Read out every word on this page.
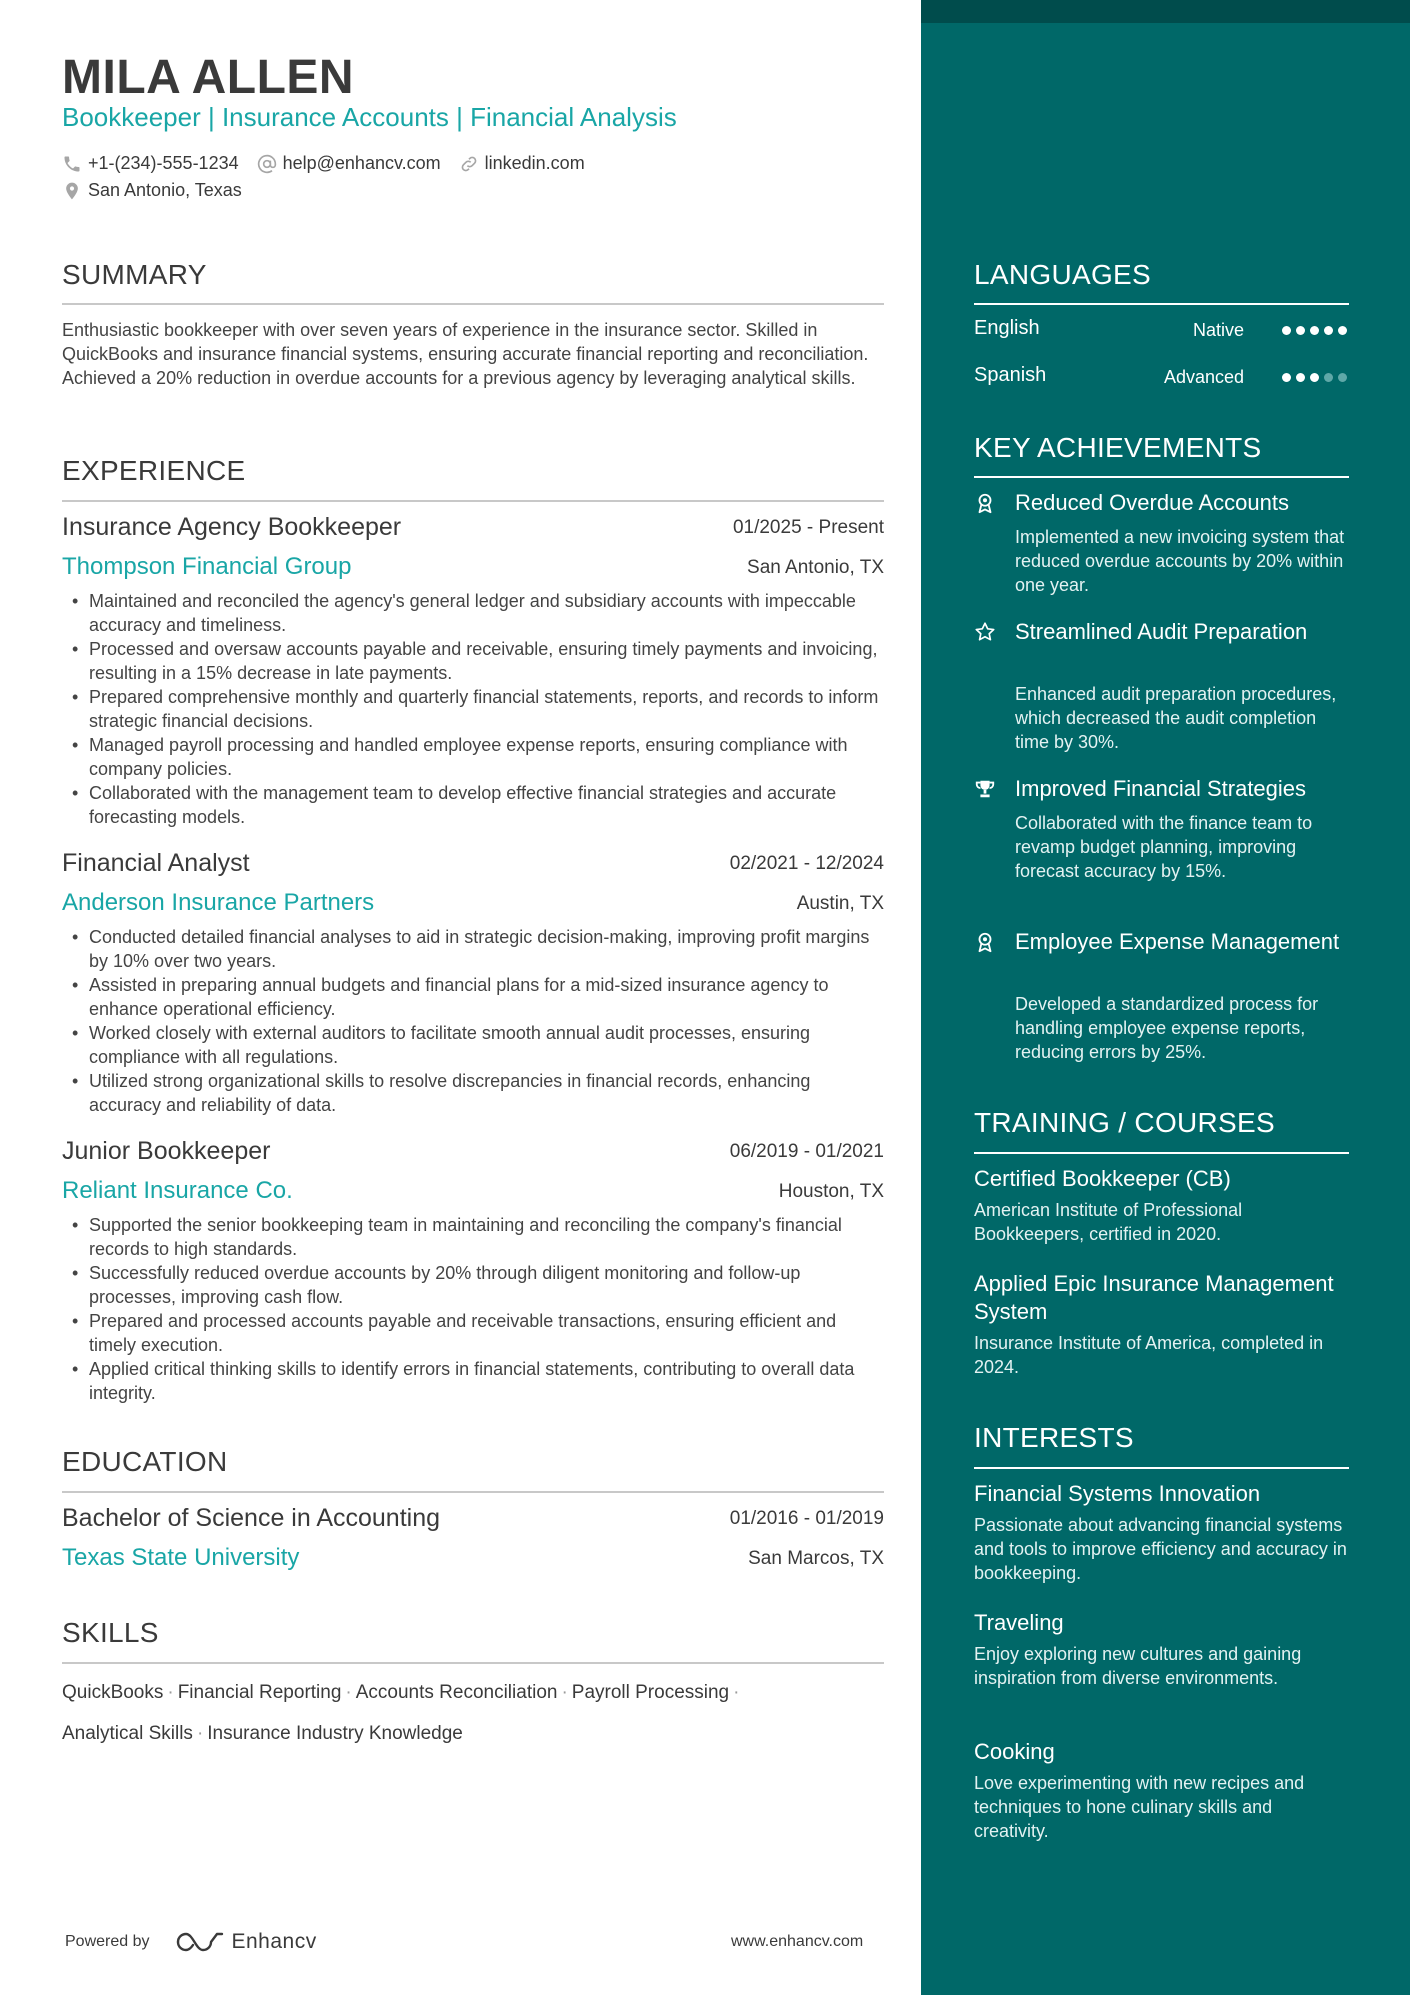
MILA ALLEN
Bookkeeper | Insurance Accounts | Financial Analysis
+1-(234)-555-1234 help@enhancv.com linkedin.com
San Antonio, Texas
SUMMARY
Enthusiastic bookkeeper with over seven years of experience in the insurance sector. Skilled in QuickBooks and insurance financial systems, ensuring accurate financial reporting and reconciliation. Achieved a 20% reduction in overdue accounts for a previous agency by leveraging analytical skills.
EXPERIENCE
Insurance Agency Bookkeeper	01/2025 - Present
Thompson Financial Group	San Antonio, TX
• Maintained and reconciled the agency's general ledger and subsidiary accounts with impeccable accuracy and timeliness.
• Processed and oversaw accounts payable and receivable, ensuring timely payments and invoicing, resulting in a 15% decrease in late payments.
• Prepared comprehensive monthly and quarterly financial statements, reports, and records to inform strategic financial decisions.
• Managed payroll processing and handled employee expense reports, ensuring compliance with company policies.
• Collaborated with the management team to develop effective financial strategies and accurate forecasting models.
Financial Analyst	02/2021 - 12/2024
Anderson Insurance Partners	Austin, TX
• Conducted detailed financial analyses to aid in strategic decision-making, improving profit margins by 10% over two years.
• Assisted in preparing annual budgets and financial plans for a mid-sized insurance agency to enhance operational efficiency.
• Worked closely with external auditors to facilitate smooth annual audit processes, ensuring compliance with all regulations.
• Utilized strong organizational skills to resolve discrepancies in financial records, enhancing accuracy and reliability of data.
Junior Bookkeeper	06/2019 - 01/2021
Reliant Insurance Co.	Houston, TX
• Supported the senior bookkeeping team in maintaining and reconciling the company's financial records to high standards.
• Successfully reduced overdue accounts by 20% through diligent monitoring and follow-up processes, improving cash flow.
• Prepared and processed accounts payable and receivable transactions, ensuring efficient and timely execution.
• Applied critical thinking skills to identify errors in financial statements, contributing to overall data integrity.
EDUCATION
Bachelor of Science in Accounting	01/2016 - 01/2019
Texas State University	San Marcos, TX
SKILLS
QuickBooks · Financial Reporting · Accounts Reconciliation · Payroll Processing ·
Analytical Skills · Insurance Industry Knowledge
Powered by	Enhancv	www.enhancv.com
LANGUAGES
English	Native
Spanish	Advanced
KEY ACHIEVEMENTS
Reduced Overdue Accounts
Implemented a new invoicing system that reduced overdue accounts by 20% within one year.
Streamlined Audit Preparation
Enhanced audit preparation procedures, which decreased the audit completion time by 30%.
Improved Financial Strategies
Collaborated with the finance team to revamp budget planning, improving forecast accuracy by 15%.
Employee Expense Management
Developed a standardized process for handling employee expense reports, reducing errors by 25%.
TRAINING / COURSES
Certified Bookkeeper (CB)
American Institute of Professional Bookkeepers, certified in 2020.
Applied Epic Insurance Management System
Insurance Institute of America, completed in 2024.
INTERESTS
Financial Systems Innovation
Passionate about advancing financial systems and tools to improve efficiency and accuracy in bookkeeping.
Traveling
Enjoy exploring new cultures and gaining inspiration from diverse environments.
Cooking
Love experimenting with new recipes and techniques to hone culinary skills and creativity.
